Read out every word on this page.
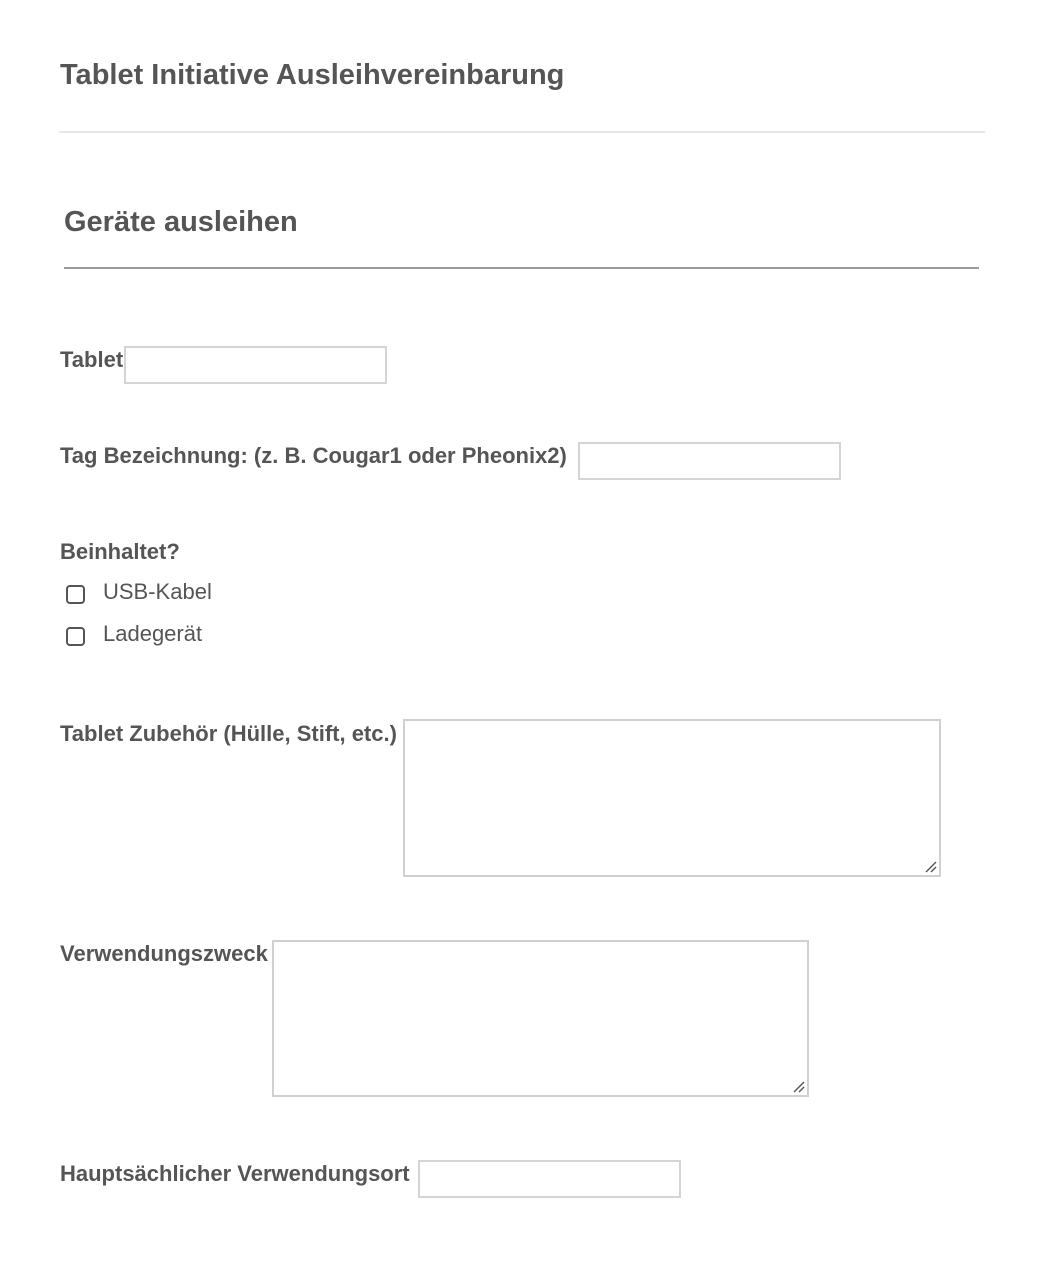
Tablet Initiative Ausleihvereinbarung
Geräte ausleihen
Tablet
Tag Bezeichnung: (z. B. Cougar1 oder Pheonix2)
Beinhaltet?
USB-Kabel
Ladegerät
Tablet Zubehör (Hülle, Stift, etc.)
Verwendungszweck
Hauptsächlicher Verwendungsort
